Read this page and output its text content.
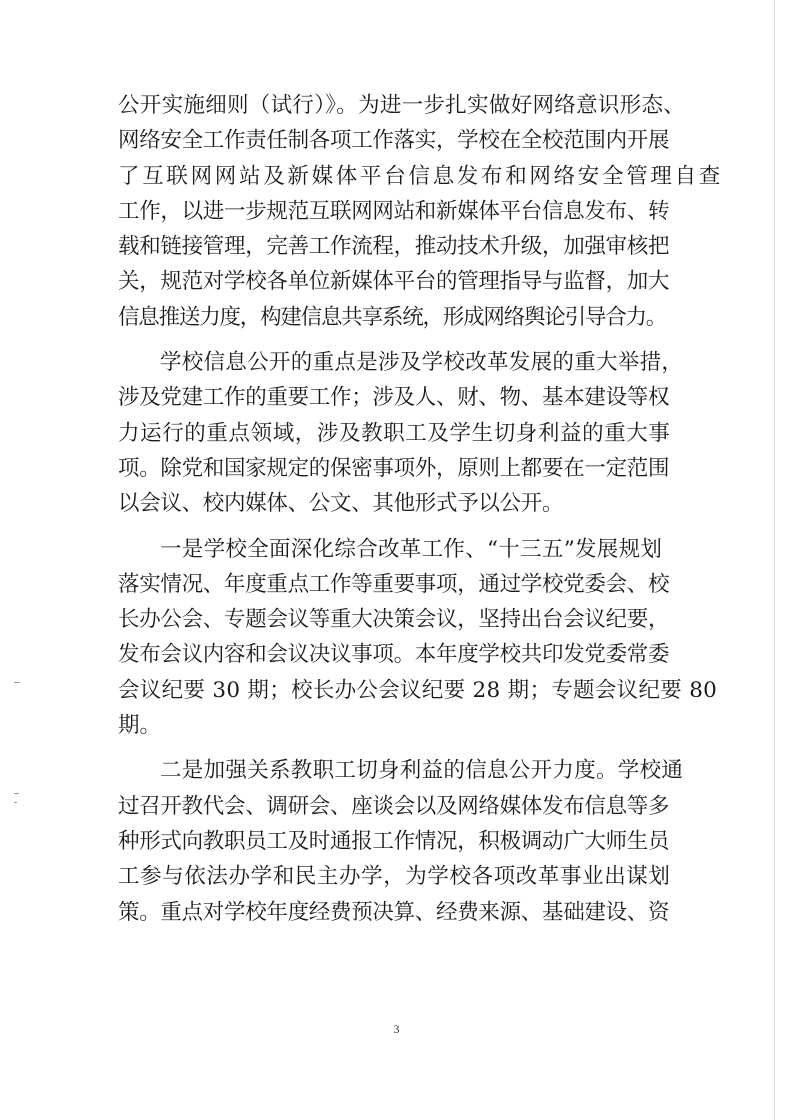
公开实施细则（试行）》。为进一步扎实做好网络意识形态、
网络安全工作责任制各项工作落实，学校在全校范围内开展
了互联网网站及新媒体平台信息发布和网络安全管理自查
工作，以进一步规范互联网网站和新媒体平台信息发布、转
载和链接管理，完善工作流程，推动技术升级，加强审核把
关，规范对学校各单位新媒体平台的管理指导与监督，加大
信息推送力度，构建信息共享系统，形成网络舆论引导合力。
学校信息公开的重点是涉及学校改革发展的重大举措，
涉及党建工作的重要工作；涉及人、财、物、基本建设等权
力运行的重点领域，涉及教职工及学生切身利益的重大事
项。除党和国家规定的保密事项外，原则上都要在一定范围
以会议、校内媒体、公文、其他形式予以公开。
一是学校全面深化综合改革工作、“十三五”发展规划
落实情况、年度重点工作等重要事项，通过学校党委会、校
长办公会、专题会议等重大决策会议，坚持出台会议纪要，
发布会议内容和会议决议事项。本年度学校共印发党委常委
会议纪要 30 期；校长办公会议纪要 28 期；专题会议纪要 80
期。
二是加强关系教职工切身利益的信息公开力度。学校通
过召开教代会、调研会、座谈会以及网络媒体发布信息等多
种形式向教职员工及时通报工作情况，积极调动广大师生员
工参与依法办学和民主办学，为学校各项改革事业出谋划
策。重点对学校年度经费预决算、经费来源、基础建设、资
3
